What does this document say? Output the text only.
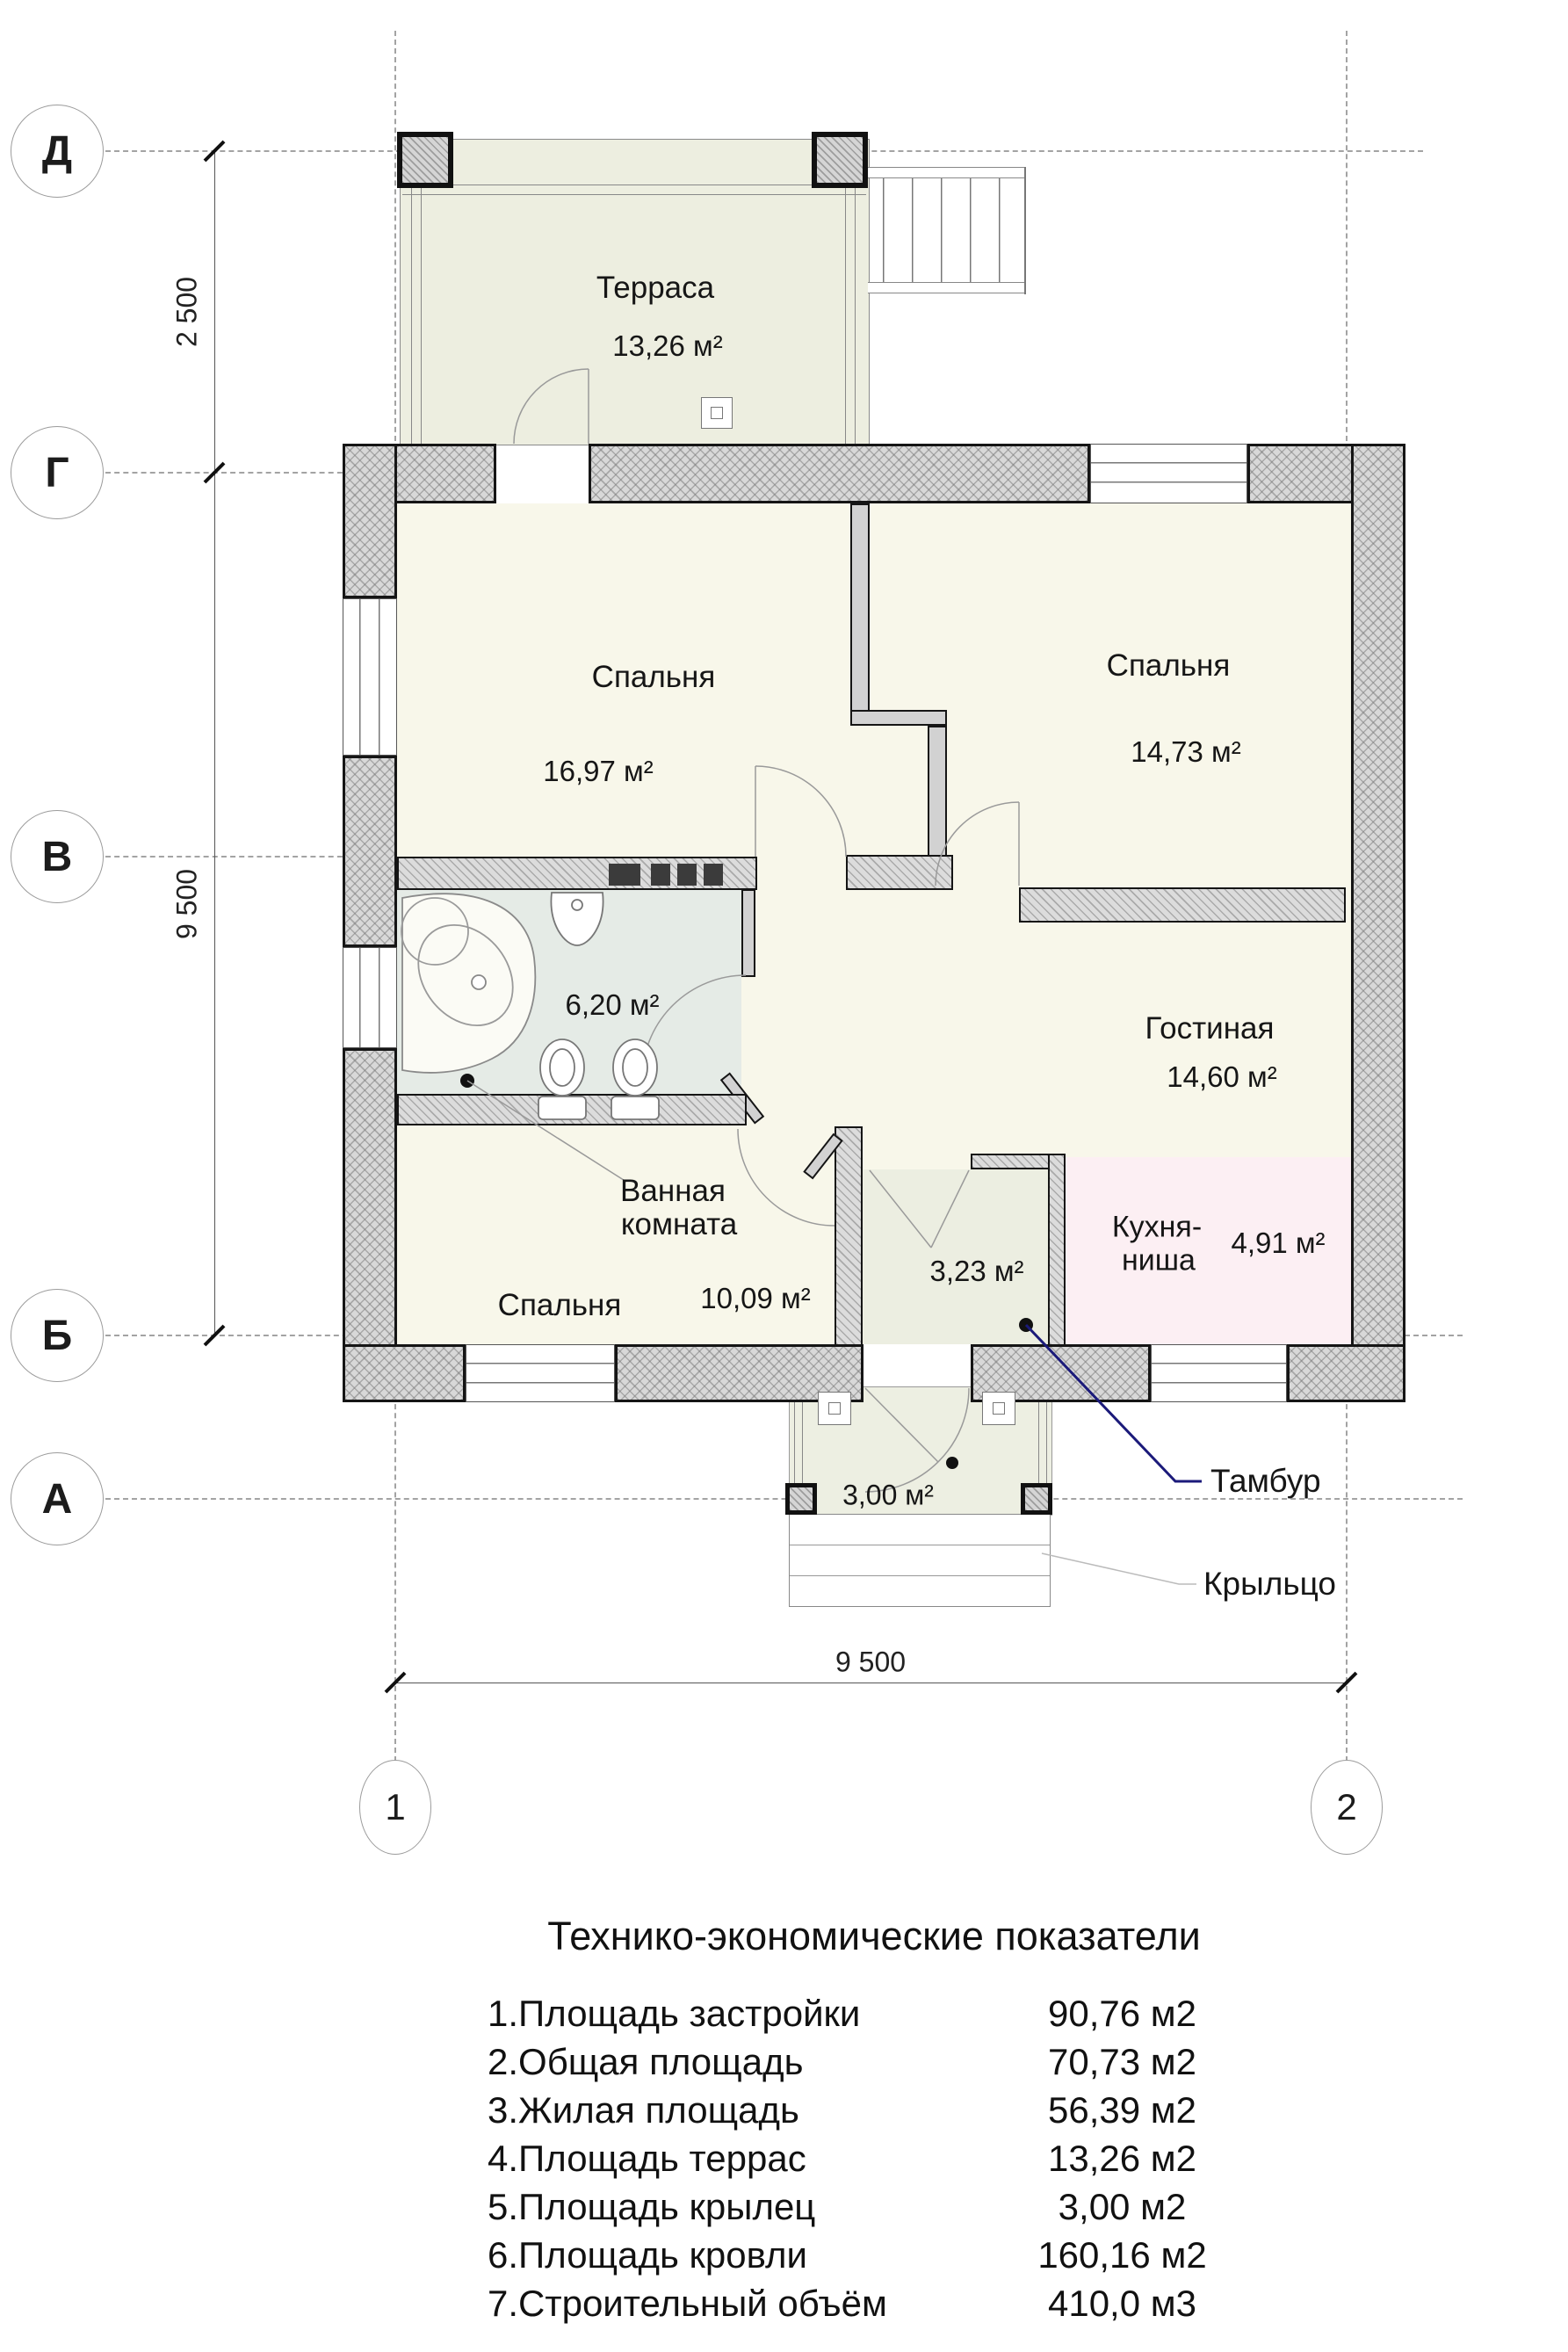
Д
Г
В
Б
А
1	2
2 500
9 500
9 500
Терраса
13,26 м²
Спальня
16,97 м²
Спальня
14,73 м²
6,20 м²
Ванная
комната
Спальня	10,09 м²
Гостиная
14,60 м²
Кухня-
ниша
4,91 м²
3,23 м²
3,00 м²	Тамбур
Крыльцо
Технико-экономические показатели
1.Площадь застройки	90,76 м2
2.Общая площадь	70,73 м2
3.Жилая площадь	56,39 м2
4.Площадь террас	13,26 м2
5.Площадь крылец	3,00 м2
6.Площадь кровли	160,16 м2
7.Строительный объём	410,0 м3
